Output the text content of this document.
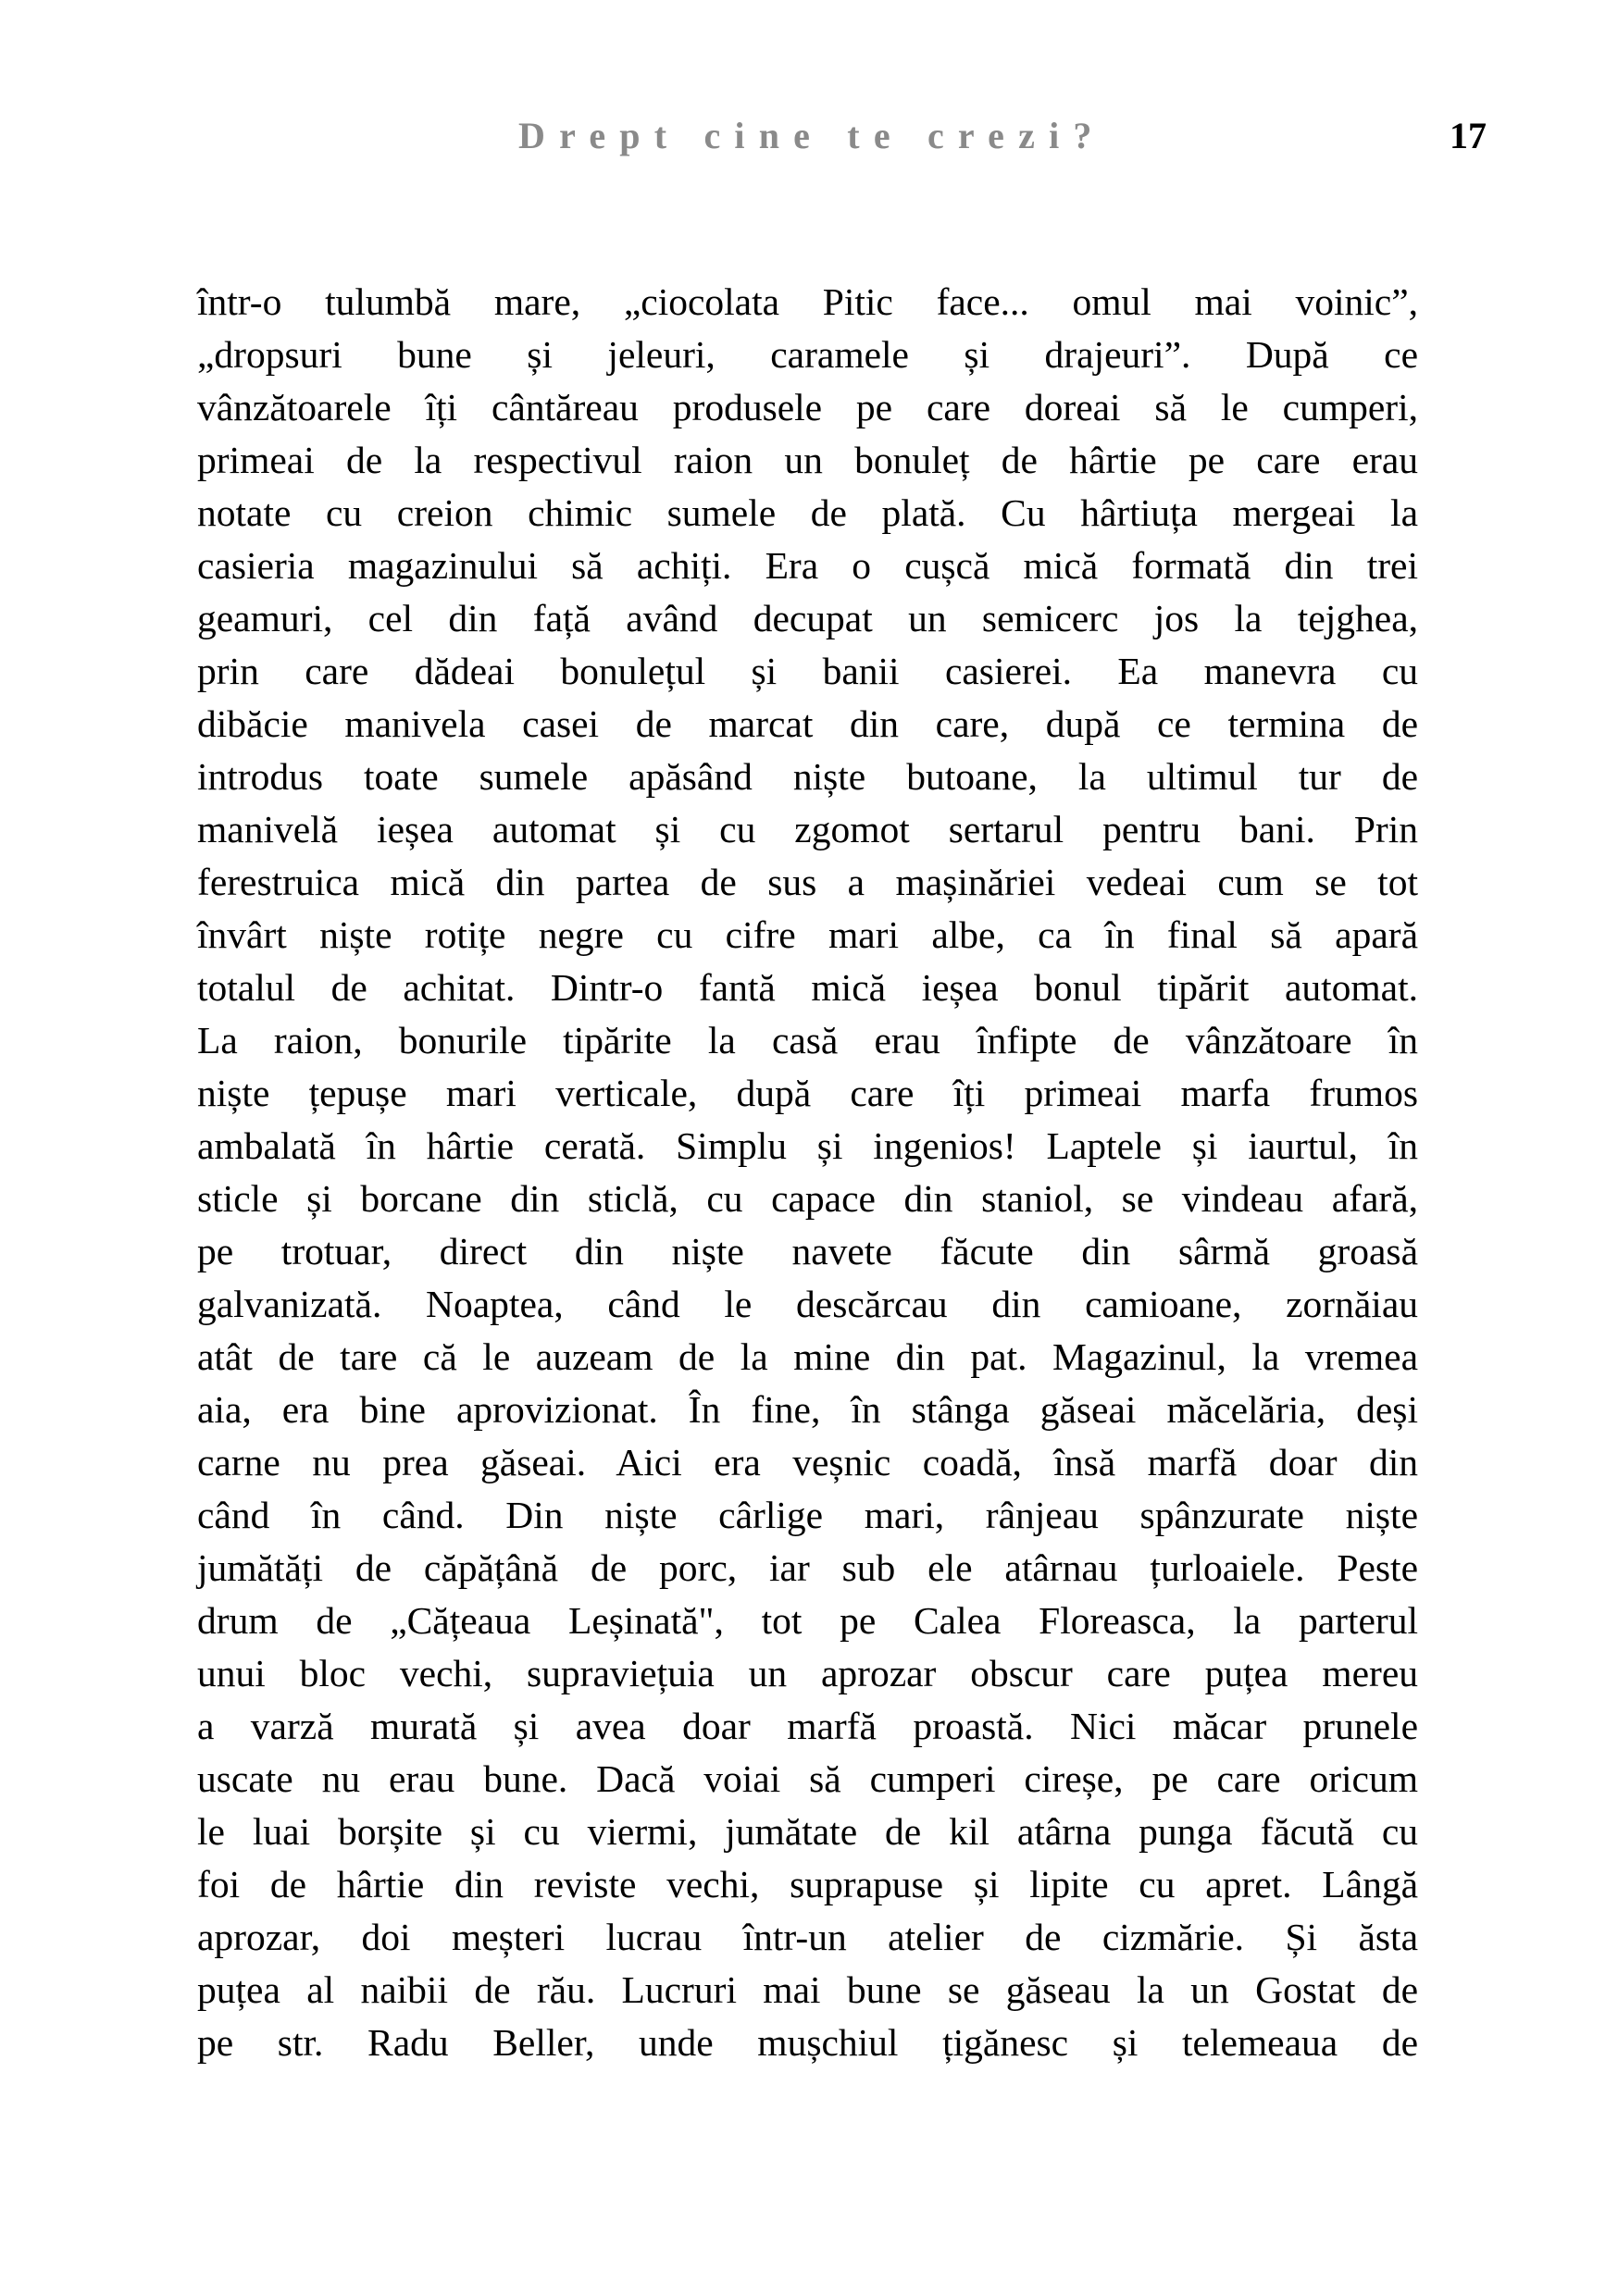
Drept cine te crezi?	17
într-o tulumbă mare, „ciocolata Pitic face... omul mai voinic”,
„dropsuri bune și jeleuri, caramele și drajeuri”. După ce
vânzătoarele îți cântăreau produsele pe care doreai să le cumperi,
primeai de la respectivul raion un bonuleț de hârtie pe care erau
notate cu creion chimic sumele de plată. Cu hârtiuța mergeai la
casieria magazinului să achiți. Era o cușcă mică formată din trei
geamuri, cel din față având decupat un semicerc jos la tejghea,
prin care dădeai bonulețul și banii casierei. Ea manevra cu
dibăcie manivela casei de marcat din care, după ce termina de
introdus toate sumele apăsând niște butoane, la ultimul tur de
manivelă ieșea automat și cu zgomot sertarul pentru bani. Prin
ferestruica mică din partea de sus a mașinăriei vedeai cum se tot
învârt niște rotițe negre cu cifre mari albe, ca în final să apară
totalul de achitat. Dintr-o fantă mică ieșea bonul tipărit automat.
La raion, bonurile tipărite la casă erau înfipte de vânzătoare în
niște țepușe mari verticale, după care îți primeai marfa frumos
ambalată în hârtie cerată. Simplu și ingenios! Laptele și iaurtul, în
sticle și borcane din sticlă, cu capace din staniol, se vindeau afară,
pe trotuar, direct din niște navete făcute din sârmă groasă
galvanizată. Noaptea, când le descărcau din camioane, zornăiau
atât de tare că le auzeam de la mine din pat. Magazinul, la vremea
aia, era bine aprovizionat. În fine, în stânga găseai măcelăria, deși
carne nu prea găseai. Aici era veșnic coadă, însă marfă doar din
când în când. Din niște cârlige mari, rânjeau spânzurate niște
jumătăți de căpățână de porc, iar sub ele atârnau țurloaiele. Peste
drum de „Cățeaua Leșinată", tot pe Calea Floreasca, la parterul
unui bloc vechi, supraviețuia un aprozar obscur care puțea mereu
a varză murată și avea doar marfă proastă. Nici măcar prunele
uscate nu erau bune. Dacă voiai să cumperi cireșe, pe care oricum
le luai borșite și cu viermi, jumătate de kil atârna punga făcută cu
foi de hârtie din reviste vechi, suprapuse și lipite cu apret. Lângă
aprozar, doi meșteri lucrau într-un atelier de cizmărie. Și ăsta
puțea al naibii de rău. Lucruri mai bune se găseau la un Gostat de
pe str. Radu Beller, unde mușchiul țigănesc și telemeaua de
